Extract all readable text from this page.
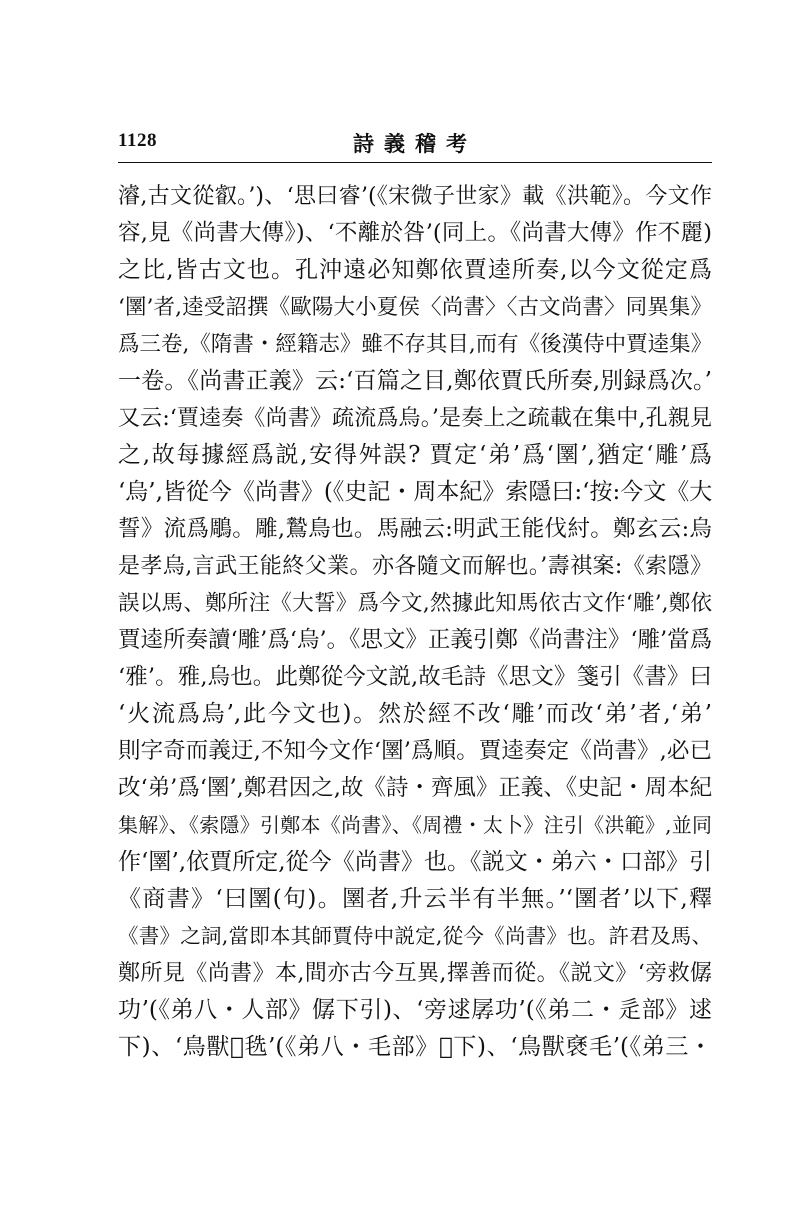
1128	詩義稽考
濬,古文從叡。’)、‘思曰睿’(《宋微子世家》載《洪範》。今文作
容,見《尚書大傳》)、‘不離於咎’(同上。《尚書大傳》作不麗)
之比,皆古文也。孔沖遠必知鄭依賈逵所奏,以今文從定爲
‘圛’者,逵受詔撰《歐陽大小夏侯〈尚書〉〈古文尚書〉同異集》
爲三卷,《隋書・經籍志》雖不存其目,而有《後漢侍中賈逵集》
一卷。《尚書正義》云:‘百篇之目,鄭依賈氏所奏,別録爲次。’
又云:‘賈逵奏《尚書》疏流爲烏。’是奏上之疏載在集中,孔親見
之,故每據經爲説,安得舛誤? 賈定‘弟’爲‘圛’,猶定‘雕’爲
‘烏’,皆從今《尚書》(《史記・周本紀》索隱曰:‘按:今文《大
誓》流爲鵰。雕,鷙鳥也。馬融云:明武王能伐紂。鄭玄云:烏
是孝烏,言武王能終父業。亦各隨文而解也。’壽祺案:《索隱》
誤以馬、鄭所注《大誓》爲今文,然據此知馬依古文作‘雕’,鄭依
賈逵所奏讀‘雕’爲‘烏’。《思文》正義引鄭《尚書注》‘雕’當爲
‘雅’。雅,烏也。此鄭從今文説,故毛詩《思文》箋引《書》曰
‘火流爲烏’,此今文也)。然於經不改‘雕’而改‘弟’者,‘弟’
則字奇而義迂,不知今文作‘圛’爲順。賈逵奏定《尚書》,必已
改‘弟’爲‘圛’,鄭君因之,故《詩・齊風》正義、《史記・周本紀
集解》、《索隱》引鄭本《尚書》、《周禮・太卜》注引《洪範》,並同
作‘圛’,依賈所定,從今《尚書》也。《説文・弟六・口部》引
《商書》‘曰圛(句)。圛者,升云半有半無。’‘圛者’以下,釋
《書》之詞,當即本其師賈侍中説定,從今《尚書》也。許君及馬、
鄭所見《尚書》本,間亦古今互異,擇善而從。《説文》‘旁救僝
功’(《弟八・人部》僝下引)、‘旁逑孱功’(《弟二・辵部》逑
下)、‘鳥獸𣯛毨’(《弟八・毛部》𣯛下)、‘鳥獸褎毛’(《弟三・
